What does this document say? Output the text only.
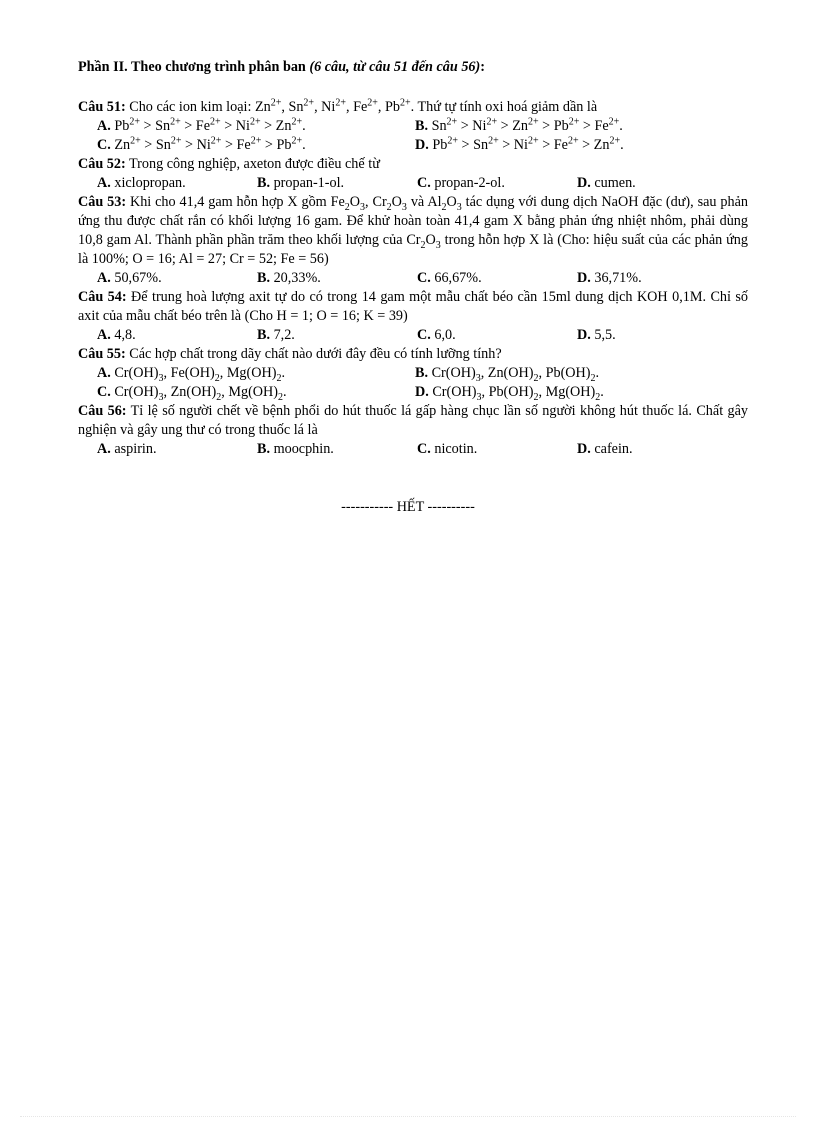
Phần II. Theo chương trình phân ban (6 câu, từ câu 51 đến câu 56):
Câu 51: Cho các ion kim loại: $Zn^{2+}$, $Sn^{2+}$, $Ni^{2+}$, $Fe^{2+}$, $Pb^{2+}$. Thứ tự tính oxi hoá giảm dần là
A. $Pb^{2+} > Sn^{2+} > Fe^{2+} > Ni^{2+} > Zn^{2+}$.	B. $Sn^{2+} > Ni^{2+} > Zn^{2+} > Pb^{2+} > Fe^{2+}$.
C. $Zn^{2+} > Sn^{2+} > Ni^{2+} > Fe^{2+} > Pb^{2+}$.	D. $Pb^{2+} > Sn^{2+} > Ni^{2+} > Fe^{2+} > Zn^{2+}$.
Câu 52: Trong công nghiệp, axeton được điều chế từ
A. xiclopropan.	B. propan-1-ol.	C. propan-2-ol.	D. cumen.
Câu 53: Khi cho 41,4 gam hỗn hợp X gồm $Fe_2O_3$, $Cr_2O_3$ và $Al_2O_3$ tác dụng với dung dịch NaOH đặc (dư), sau phản ứng thu được chất rắn có khối lượng 16 gam. Để khử hoàn toàn 41,4 gam X bằng phản ứng nhiệt nhôm, phải dùng 10,8 gam Al. Thành phần phần trăm theo khối lượng của $Cr_2O_3$ trong hỗn hợp X là (Cho: hiệu suất của các phản ứng là 100%; O = 16; Al = 27; Cr = 52; Fe = 56)
A. 50,67%.	B. 20,33%.	C. 66,67%.	D. 36,71%.
Câu 54: Để trung hoà lượng axit tự do có trong 14 gam một mẫu chất béo cần 15ml dung dịch KOH 0,1M. Chỉ số axit của mẫu chất béo trên là (Cho H = 1; O = 16; K = 39)
A. 4,8.	B. 7,2.	C. 6,0.	D. 5,5.
Câu 55: Các hợp chất trong dãy chất nào dưới đây đều có tính lưỡng tính?
A. $Cr(OH)_3$, $Fe(OH)_2$, $Mg(OH)_2$.	B. $Cr(OH)_3$, $Zn(OH)_2$, $Pb(OH)_2$.
C. $Cr(OH)_3$, $Zn(OH)_2$, $Mg(OH)_2$.	D. $Cr(OH)_3$, $Pb(OH)_2$, $Mg(OH)_2$.
Câu 56: Tỉ lệ số người chết về bệnh phổi do hút thuốc lá gấp hàng chục lần số người không hút thuốc lá. Chất gây nghiện và gây ung thư có trong thuốc lá là
A. aspirin.	B. moocphin.	C. nicotin.	D. cafein.
----------- HẾT ----------
